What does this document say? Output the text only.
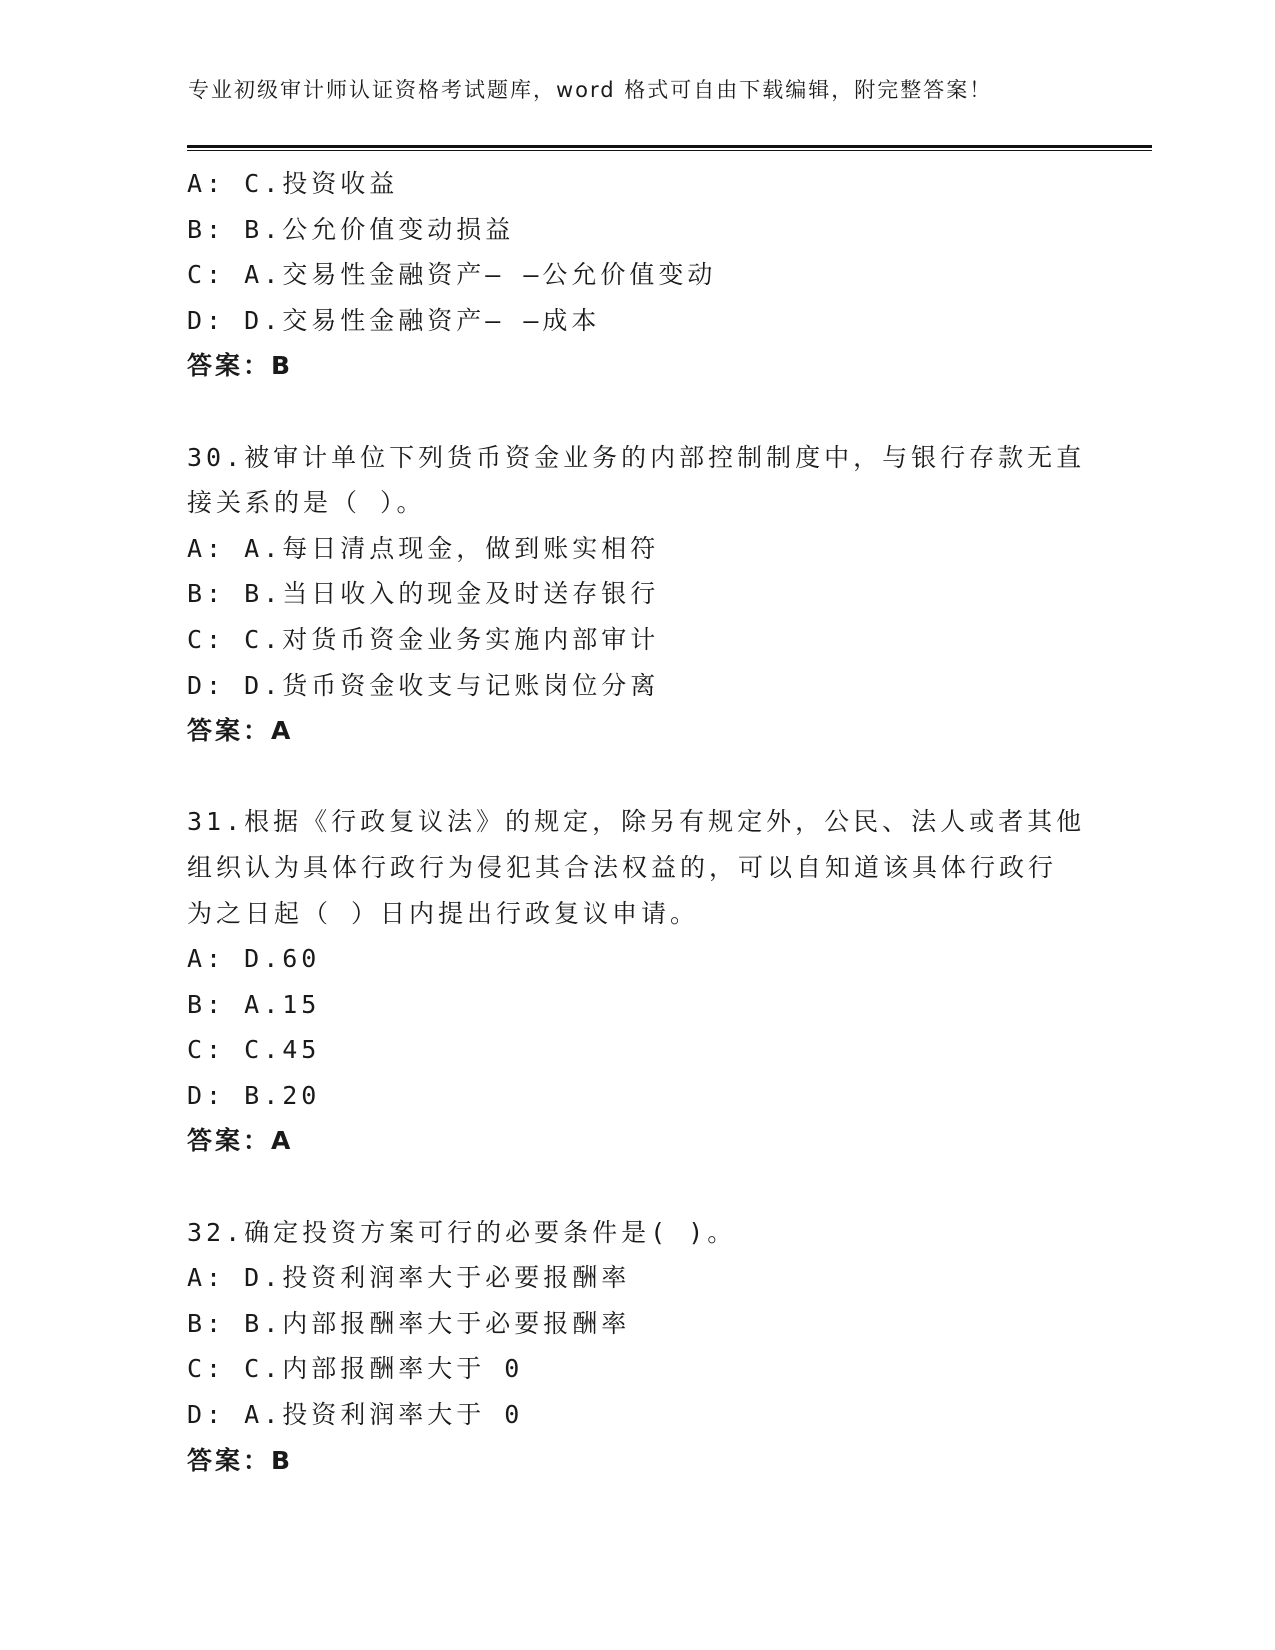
专业初级审计师认证资格考试题库，word 格式可自由下载编辑，附完整答案！
A: C.投资收益
B: B.公允价值变动损益
C: A.交易性金融资产— —公允价值变动
D: D.交易性金融资产— —成本
答案：B
30.被审计单位下列货币资金业务的内部控制制度中，与银行存款无直
接关系的是（ ）。
A: A.每日清点现金，做到账实相符
B: B.当日收入的现金及时送存银行
C: C.对货币资金业务实施内部审计
D: D.货币资金收支与记账岗位分离
答案：A
31.根据《行政复议法》的规定，除另有规定外，公民、法人或者其他
组织认为具体行政行为侵犯其合法权益的，可以自知道该具体行政行
为之日起（ ）日内提出行政复议申请。
A: D.60
B: A.15
C: C.45
D: B.20
答案：A
32.确定投资方案可行的必要条件是( )。
A: D.投资利润率大于必要报酬率
B: B.内部报酬率大于必要报酬率
C: C.内部报酬率大于 0
D: A.投资利润率大于 0
答案：B
